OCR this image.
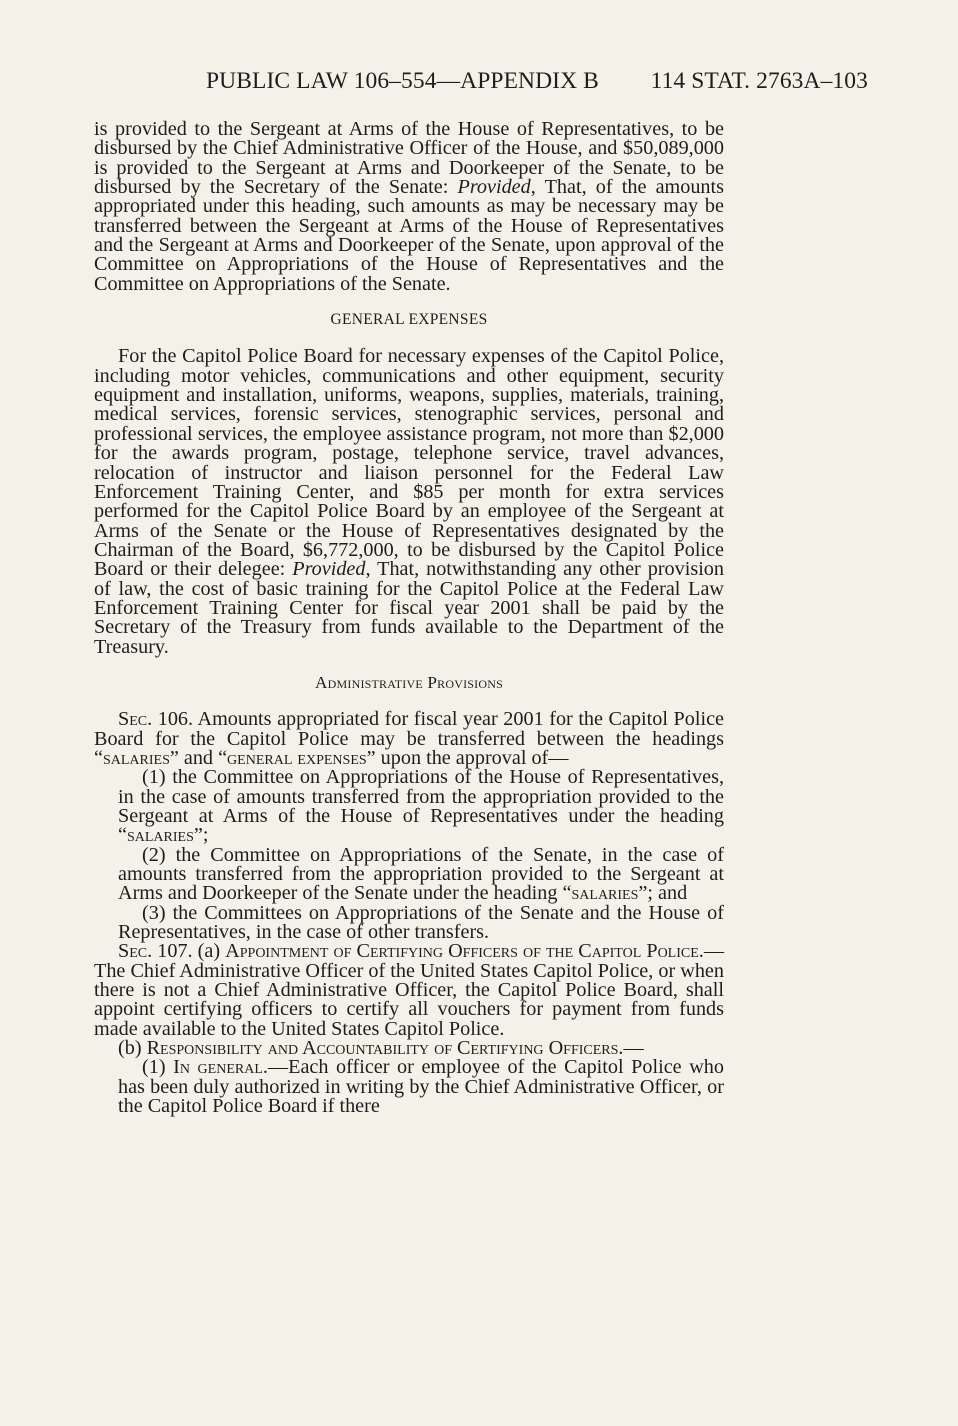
PUBLIC LAW 106–554—APPENDIX B 114 STAT. 2763A–103

is provided to the Sergeant at Arms of the House of Representatives, to be disbursed by the Chief Administrative Officer of the House, and $50,089,000 is provided to the Sergeant at Arms and Doorkeeper of the Senate, to be disbursed by the Secretary of the Senate: Provided, That, of the amounts appropriated under this heading, such amounts as may be necessary may be transferred between the Sergeant at Arms of the House of Representatives and the Sergeant at Arms and Doorkeeper of the Senate, upon approval of the Committee on Appropriations of the House of Representatives and the Committee on Appropriations of the Senate.

GENERAL EXPENSES

For the Capitol Police Board for necessary expenses of the Capitol Police, including motor vehicles, communications and other equipment, security equipment and installation, uniforms, weapons, supplies, materials, training, medical services, forensic services, stenographic services, personal and professional services, the employee assistance program, not more than $2,000 for the awards program, postage, telephone service, travel advances, relocation of instructor and liaison personnel for the Federal Law Enforcement Training Center, and $85 per month for extra services performed for the Capitol Police Board by an employee of the Sergeant at Arms of the Senate or the House of Representatives designated by the Chairman of the Board, $6,772,000, to be disbursed by the Capitol Police Board or their delegee: Provided, That, notwithstanding any other provision of law, the cost of basic training for the Capitol Police at the Federal Law Enforcement Training Center for fiscal year 2001 shall be paid by the Secretary of the Treasury from funds available to the Department of the Treasury.

Administrative Provisions

Sec. 106. Amounts appropriated for fiscal year 2001 for the Capitol Police Board for the Capitol Police may be transferred between the headings “salaries” and “general expenses” upon the approval of—

(1) the Committee on Appropriations of the House of Representatives, in the case of amounts transferred from the appropriation provided to the Sergeant at Arms of the House of Representatives under the heading “salaries”;

(2) the Committee on Appropriations of the Senate, in the case of amounts transferred from the appropriation provided to the Sergeant at Arms and Doorkeeper of the Senate under the heading “salaries”; and

(3) the Committees on Appropriations of the Senate and the House of Representatives, in the case of other transfers.

Sec. 107. (a) Appointment of Certifying Officers of the Capitol Police.—The Chief Administrative Officer of the United States Capitol Police, or when there is not a Chief Administrative Officer, the Capitol Police Board, shall appoint certifying officers to certify all vouchers for payment from funds made available to the United States Capitol Police.

(b) Responsibility and Accountability of Certifying Officers.—

(1) In general.—Each officer or employee of the Capitol Police who has been duly authorized in writing by the Chief Administrative Officer, or the Capitol Police Board if there
